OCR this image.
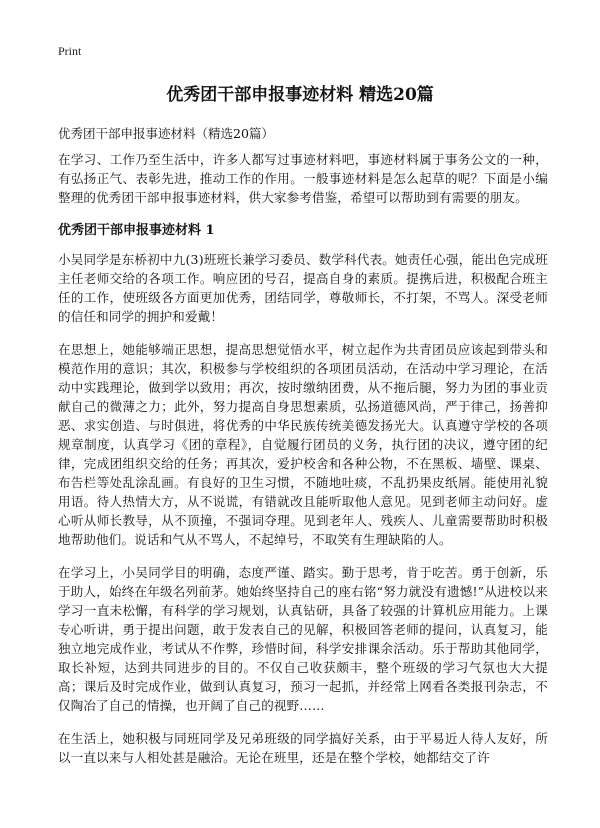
Print
优秀团干部申报事迹材料 精选20篇

优秀团干部申报事迹材料（精选20篇）

在学习、工作乃至生活中，许多人都写过事迹材料吧，事迹材料属于事务公文的一种，有弘扬正气、表彰先进，推动工作的作用。一般事迹材料是怎么起草的呢？下面是小编整理的优秀团干部申报事迹材料，供大家参考借鉴，希望可以帮助到有需要的朋友。

优秀团干部申报事迹材料 1

小吴同学是东桥初中九(3)班班长兼学习委员、数学科代表。她责任心强，能出色完成班主任老师交给的各项工作。响应团的号召，提高自身的素质。提携后进，积极配合班主任的工作，使班级各方面更加优秀，团结同学，尊敬师长，不打架，不骂人。深受老师的信任和同学的拥护和爱戴！

在思想上，她能够端正思想，提高思想觉悟水平，树立起作为共青团员应该起到带头和模范作用的意识；其次，积极参与学校组织的各项团员活动，在活动中学习理论，在活动中实践理论，做到学以致用；再次，按时缴纳团费，从不拖后腿，努力为团的事业贡献自己的微薄之力；此外，努力提高自身思想素质，弘扬道德风尚，严于律己，扬善抑恶、求实创造、与时俱进，将优秀的中华民族传统美德发扬光大。认真遵守学校的各项规章制度，认真学习《团的章程》，自觉履行团员的义务，执行团的决议，遵守团的纪律，完成团组织交给的任务；再其次，爱护校舍和各种公物，不在黑板、墙壁、课桌、布告栏等处乱涂乱画。有良好的卫生习惯，不随地吐痰，不乱扔果皮纸屑。能使用礼貌用语。待人热情大方，从不说谎，有错就改且能听取他人意见。见到老师主动问好。虚心听从师长教导，从不顶撞，不强词夺理。见到老年人、残疾人、儿童需要帮助时积极地帮助他们。说话和气从不骂人，不起绰号，不取笑有生理缺陷的人。

在学习上，小吴同学目的明确，态度严谨、踏实。勤于思考，肯于吃苦。勇于创新，乐于助人，始终在年级名列前茅。她始终坚持自己的座右铭“努力就没有遗憾!”从进校以来学习一直未松懈，有科学的学习规划，认真钻研，具备了较强的计算机应用能力。上课专心听讲，勇于提出问题，敢于发表自己的见解，积极回答老师的提问，认真复习，能独立地完成作业，考试从不作弊，珍惜时间，科学安排课余活动。乐于帮助其他同学，取长补短，达到共同进步的目的。不仅自己收获颇丰，整个班级的学习气氛也大大提高；课后及时完成作业，做到认真复习，预习一起抓，并经常上网看各类报刊杂志，不仅陶冶了自己的情操，也开阔了自己的视野……

在生活上，她积极与同班同学及兄弟班级的同学搞好关系，由于平易近人待人友好，所以一直以来与人相处甚是融洽。无论在班里，还是在整个学校，她都结交了许
